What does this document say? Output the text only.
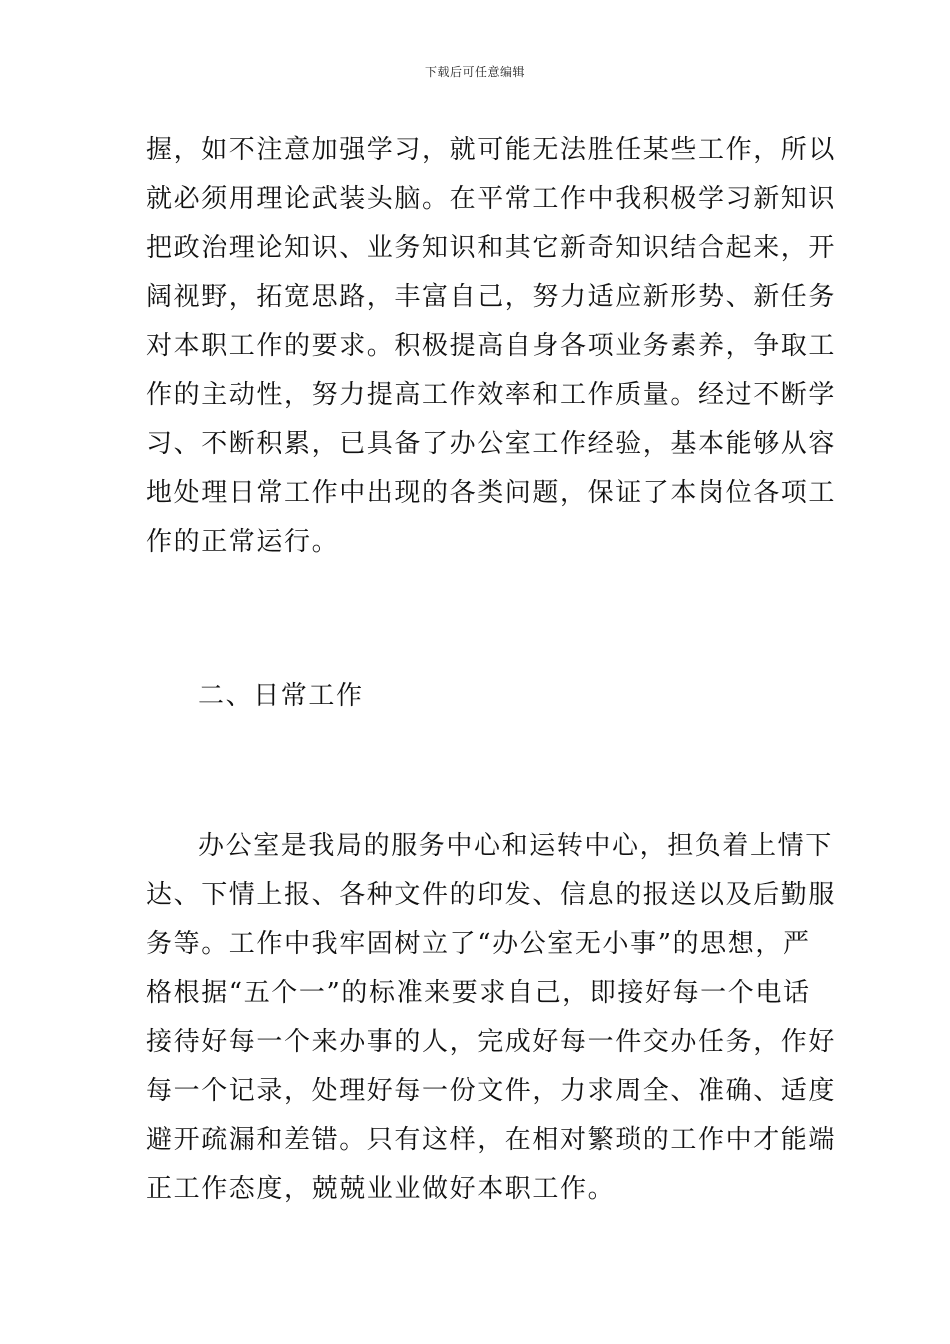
下载后可任意编辑
握，如不注意加强学习，就可能无法胜任某些工作，所以
就必须用理论武装头脑。在平常工作中我积极学习新知识
把政治理论知识、业务知识和其它新奇知识结合起来，开
阔视野，拓宽思路，丰富自己，努力适应新形势、新任务
对本职工作的要求。积极提高自身各项业务素养，争取工
作的主动性，努力提高工作效率和工作质量。经过不断学
习、不断积累，已具备了办公室工作经验，基本能够从容
地处理日常工作中出现的各类问题，保证了本岗位各项工
作的正常运行。
二、日常工作
办公室是我局的服务中心和运转中心，担负着上情下
达、下情上报、各种文件的印发、信息的报送以及后勤服
务等。工作中我牢固树立了“办公室无小事”的思想，严
格根据“五个一”的标准来要求自己，即接好每一个电话
接待好每一个来办事的人，完成好每一件交办任务，作好
每一个记录，处理好每一份文件，力求周全、准确、适度
避开疏漏和差错。只有这样，在相对繁琐的工作中才能端
正工作态度，兢兢业业做好本职工作。
